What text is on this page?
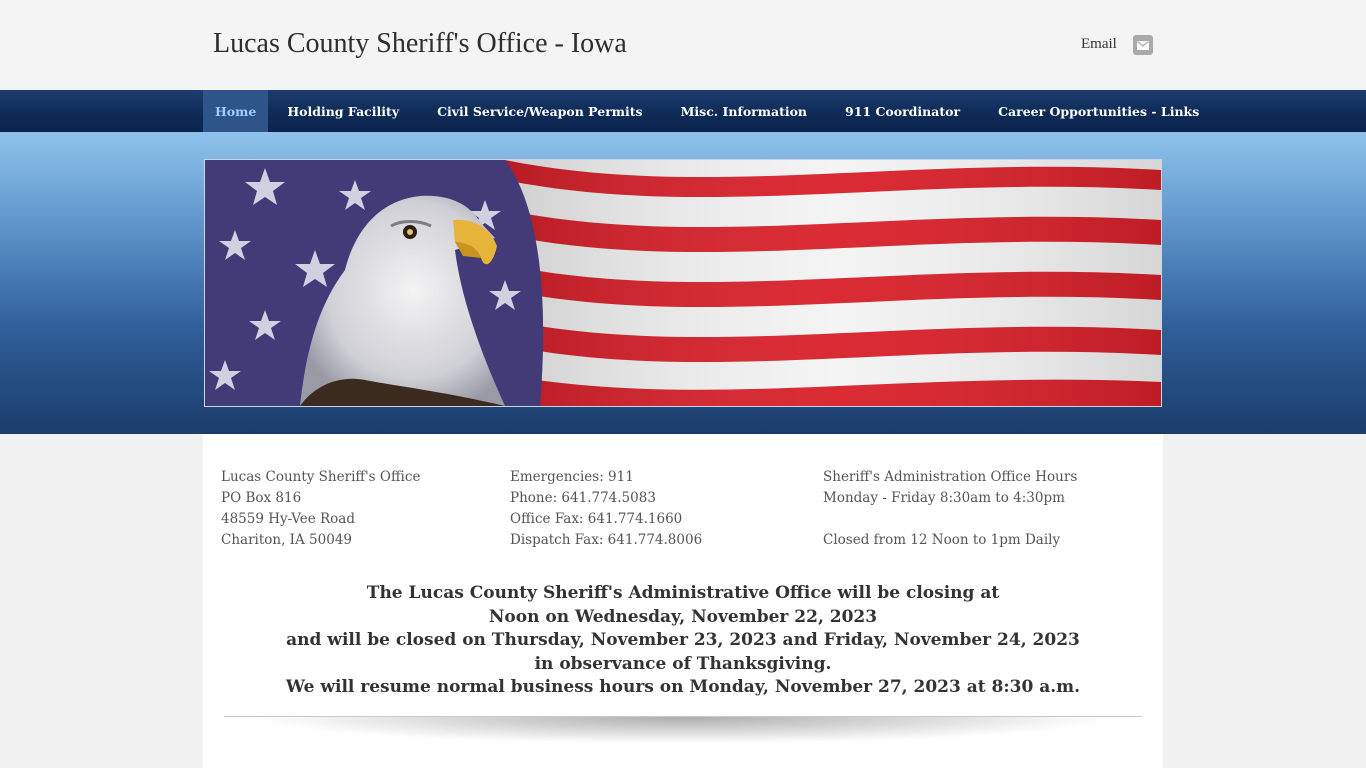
Lucas County Sheriff's Office - Iowa	Email
Home	Holding Facility	Civil Service/Weapon Permits	Misc. Information	911 Coordinator	Career Opportunities - Links
Lucas County Sheriff's Office
PO Box 816
48559 Hy-Vee Road
Chariton, IA 50049
Emergencies: 911
Phone: 641.774.5083
Office Fax: 641.774.1660
Dispatch Fax: 641.774.8006
Sheriff's Administration Office Hours
Monday - Friday 8:30am to 4:30pm
Closed from 12 Noon to 1pm Daily
The Lucas County Sheriff's Administrative Office will be closing at
Noon on Wednesday, November 22, 2023
and will be closed on Thursday, November 23, 2023 and Friday, November 24, 2023
in observance of Thanksgiving.
We will resume normal business hours on Monday, November 27, 2023 at 8:30 a.m.
